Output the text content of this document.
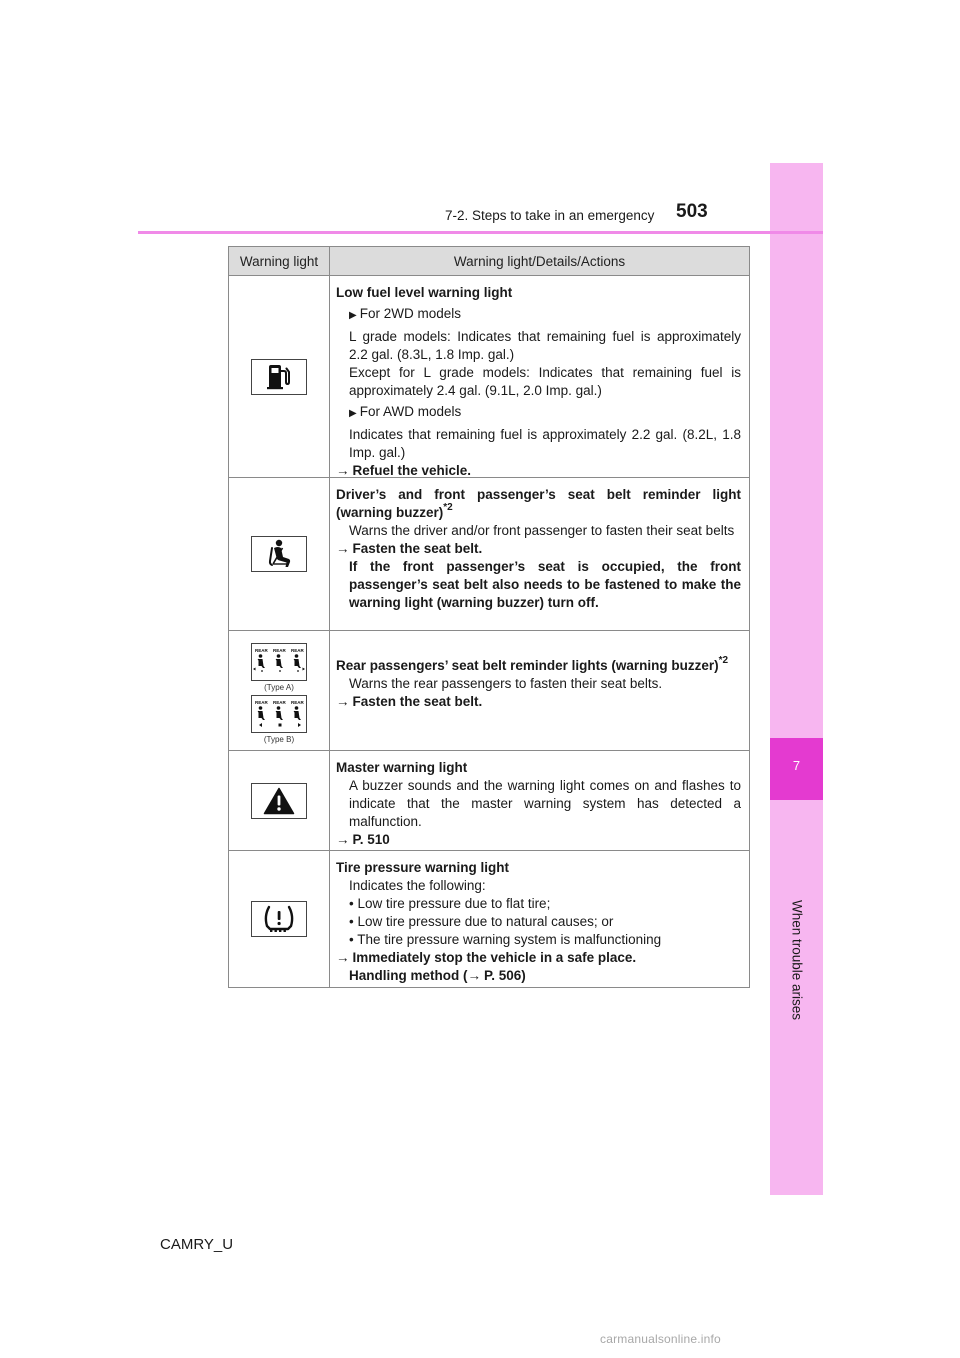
7
When trouble arises
7-2. Steps to take in an emergency	503
Warning light	Warning light/Details/Actions
Low fuel level warning light
▶ For 2WD models
L grade models: Indicates that remaining fuel is approximately 2.2 gal. (8.3L, 1.8 Imp. gal.)
Except for L grade models: Indicates that remaining fuel is approximately 2.4 gal. (9.1L, 2.0 Imp. gal.)
▶ For AWD models
Indicates that remaining fuel is approximately 2.2 gal. (8.2L, 1.8 Imp. gal.)
→ Refuel the vehicle.
Driver’s and front passenger’s seat belt reminder light (warning buzzer)$^{*2}$
Warns the driver and/or front passenger to fasten their seat belts
→ Fasten the seat belt.
If the front passenger’s seat is occupied, the front passenger’s seat belt also needs to be fastened to make the warning light (warning buzzer) turn off.
REAR REAR REAR
(Type A)
REAR REAR REAR
(Type B)
Rear passengers’ seat belt reminder lights (warning buzzer)$^{*2}$
Warns the rear passengers to fasten their seat belts.
→ Fasten the seat belt.
Master warning light
A buzzer sounds and the warning light comes on and flashes to indicate that the master warning system has detected a malfunction.
→ P. 510
Tire pressure warning light
Indicates the following:
• Low tire pressure due to flat tire;
• Low tire pressure due to natural causes; or
• The tire pressure warning system is malfunctioning
→ Immediately stop the vehicle in a safe place.
Handling method (→ P. 506)
CAMRY_U
carmanualsonline.info
